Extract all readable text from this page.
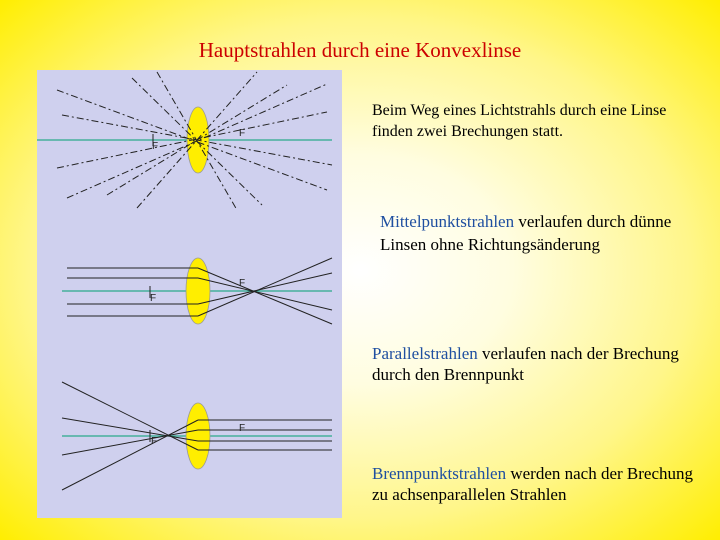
Hauptstrahlen durch eine Konvexlinse
F
F
F
F
F
F
Beim Weg eines Lichtstrahls durch eine Linse finden zwei Brechungen statt.
Mittelpunktstrahlen verlaufen durch dünne Linsen ohne Richtungsänderung
Parallelstrahlen verlaufen nach der Brechung durch den Brennpunkt
Brennpunktstrahlen werden nach der Brechung zu achsenparallelen Strahlen
